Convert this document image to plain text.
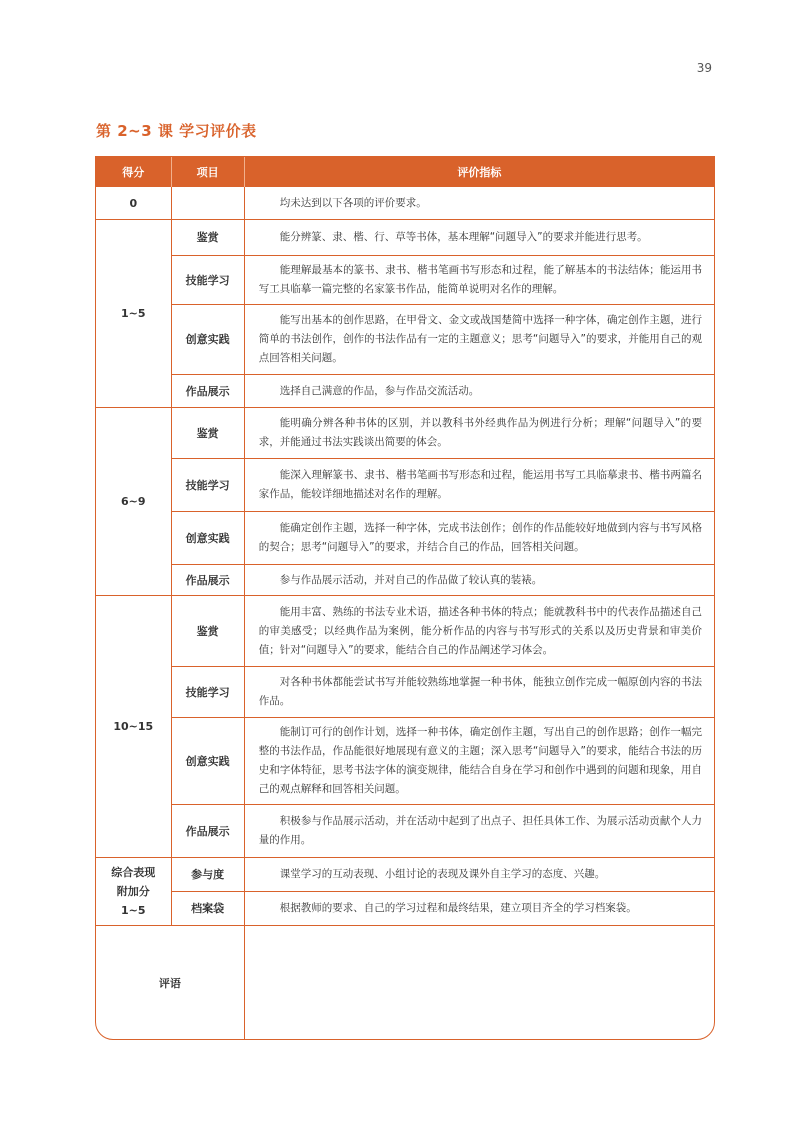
39
第 2~3 课 学习评价表
得分	项目	评价指标
0		均未达到以下各项的评价要求。
1~5	鉴赏	能分辨篆、隶、楷、行、草等书体，基本理解“问题导入”的要求并能进行思考。
	技能学习	能理解最基本的篆书、隶书、楷书笔画书写形态和过程，能了解基本的书法结体；能运用书写工具临摹一篇完整的名家篆书作品，能简单说明对名作的理解。
	创意实践	能写出基本的创作思路，在甲骨文、金文或战国楚简中选择一种字体，确定创作主题，进行简单的书法创作，创作的书法作品有一定的主题意义；思考“问题导入”的要求，并能用自己的观点回答相关问题。
	作品展示	选择自己满意的作品，参与作品交流活动。
6~9	鉴赏	能明确分辨各种书体的区别，并以教科书外经典作品为例进行分析；理解“问题导入”的要求，并能通过书法实践谈出简要的体会。
	技能学习	能深入理解篆书、隶书、楷书笔画书写形态和过程，能运用书写工具临摹隶书、楷书两篇名家作品，能较详细地描述对名作的理解。
	创意实践	能确定创作主题，选择一种字体，完成书法创作；创作的作品能较好地做到内容与书写风格的契合；思考“问题导入”的要求，并结合自己的作品，回答相关问题。
	作品展示	参与作品展示活动，并对自己的作品做了较认真的装裱。
10~15	鉴赏	能用丰富、熟练的书法专业术语，描述各种书体的特点；能就教科书中的代表作品描述自己的审美感受；以经典作品为案例，能分析作品的内容与书写形式的关系以及历史背景和审美价值；针对“问题导入”的要求，能结合自己的作品阐述学习体会。
	技能学习	对各种书体都能尝试书写并能较熟练地掌握一种书体，能独立创作完成一幅原创内容的书法作品。
	创意实践	能制订可行的创作计划，选择一种书体，确定创作主题，写出自己的创作思路；创作一幅完整的书法作品，作品能很好地展现有意义的主题；深入思考“问题导入”的要求，能结合书法的历史和字体特征，思考书法字体的演变规律，能结合自身在学习和创作中遇到的问题和现象，用自己的观点解释和回答相关问题。
	作品展示	积极参与作品展示活动，并在活动中起到了出点子、担任具体工作、为展示活动贡献个人力量的作用。
综合表现附加分 1~5	参与度	课堂学习的互动表现、小组讨论的表现及课外自主学习的态度、兴趣。
	档案袋	根据教师的要求、自己的学习过程和最终结果，建立项目齐全的学习档案袋。
评语		
